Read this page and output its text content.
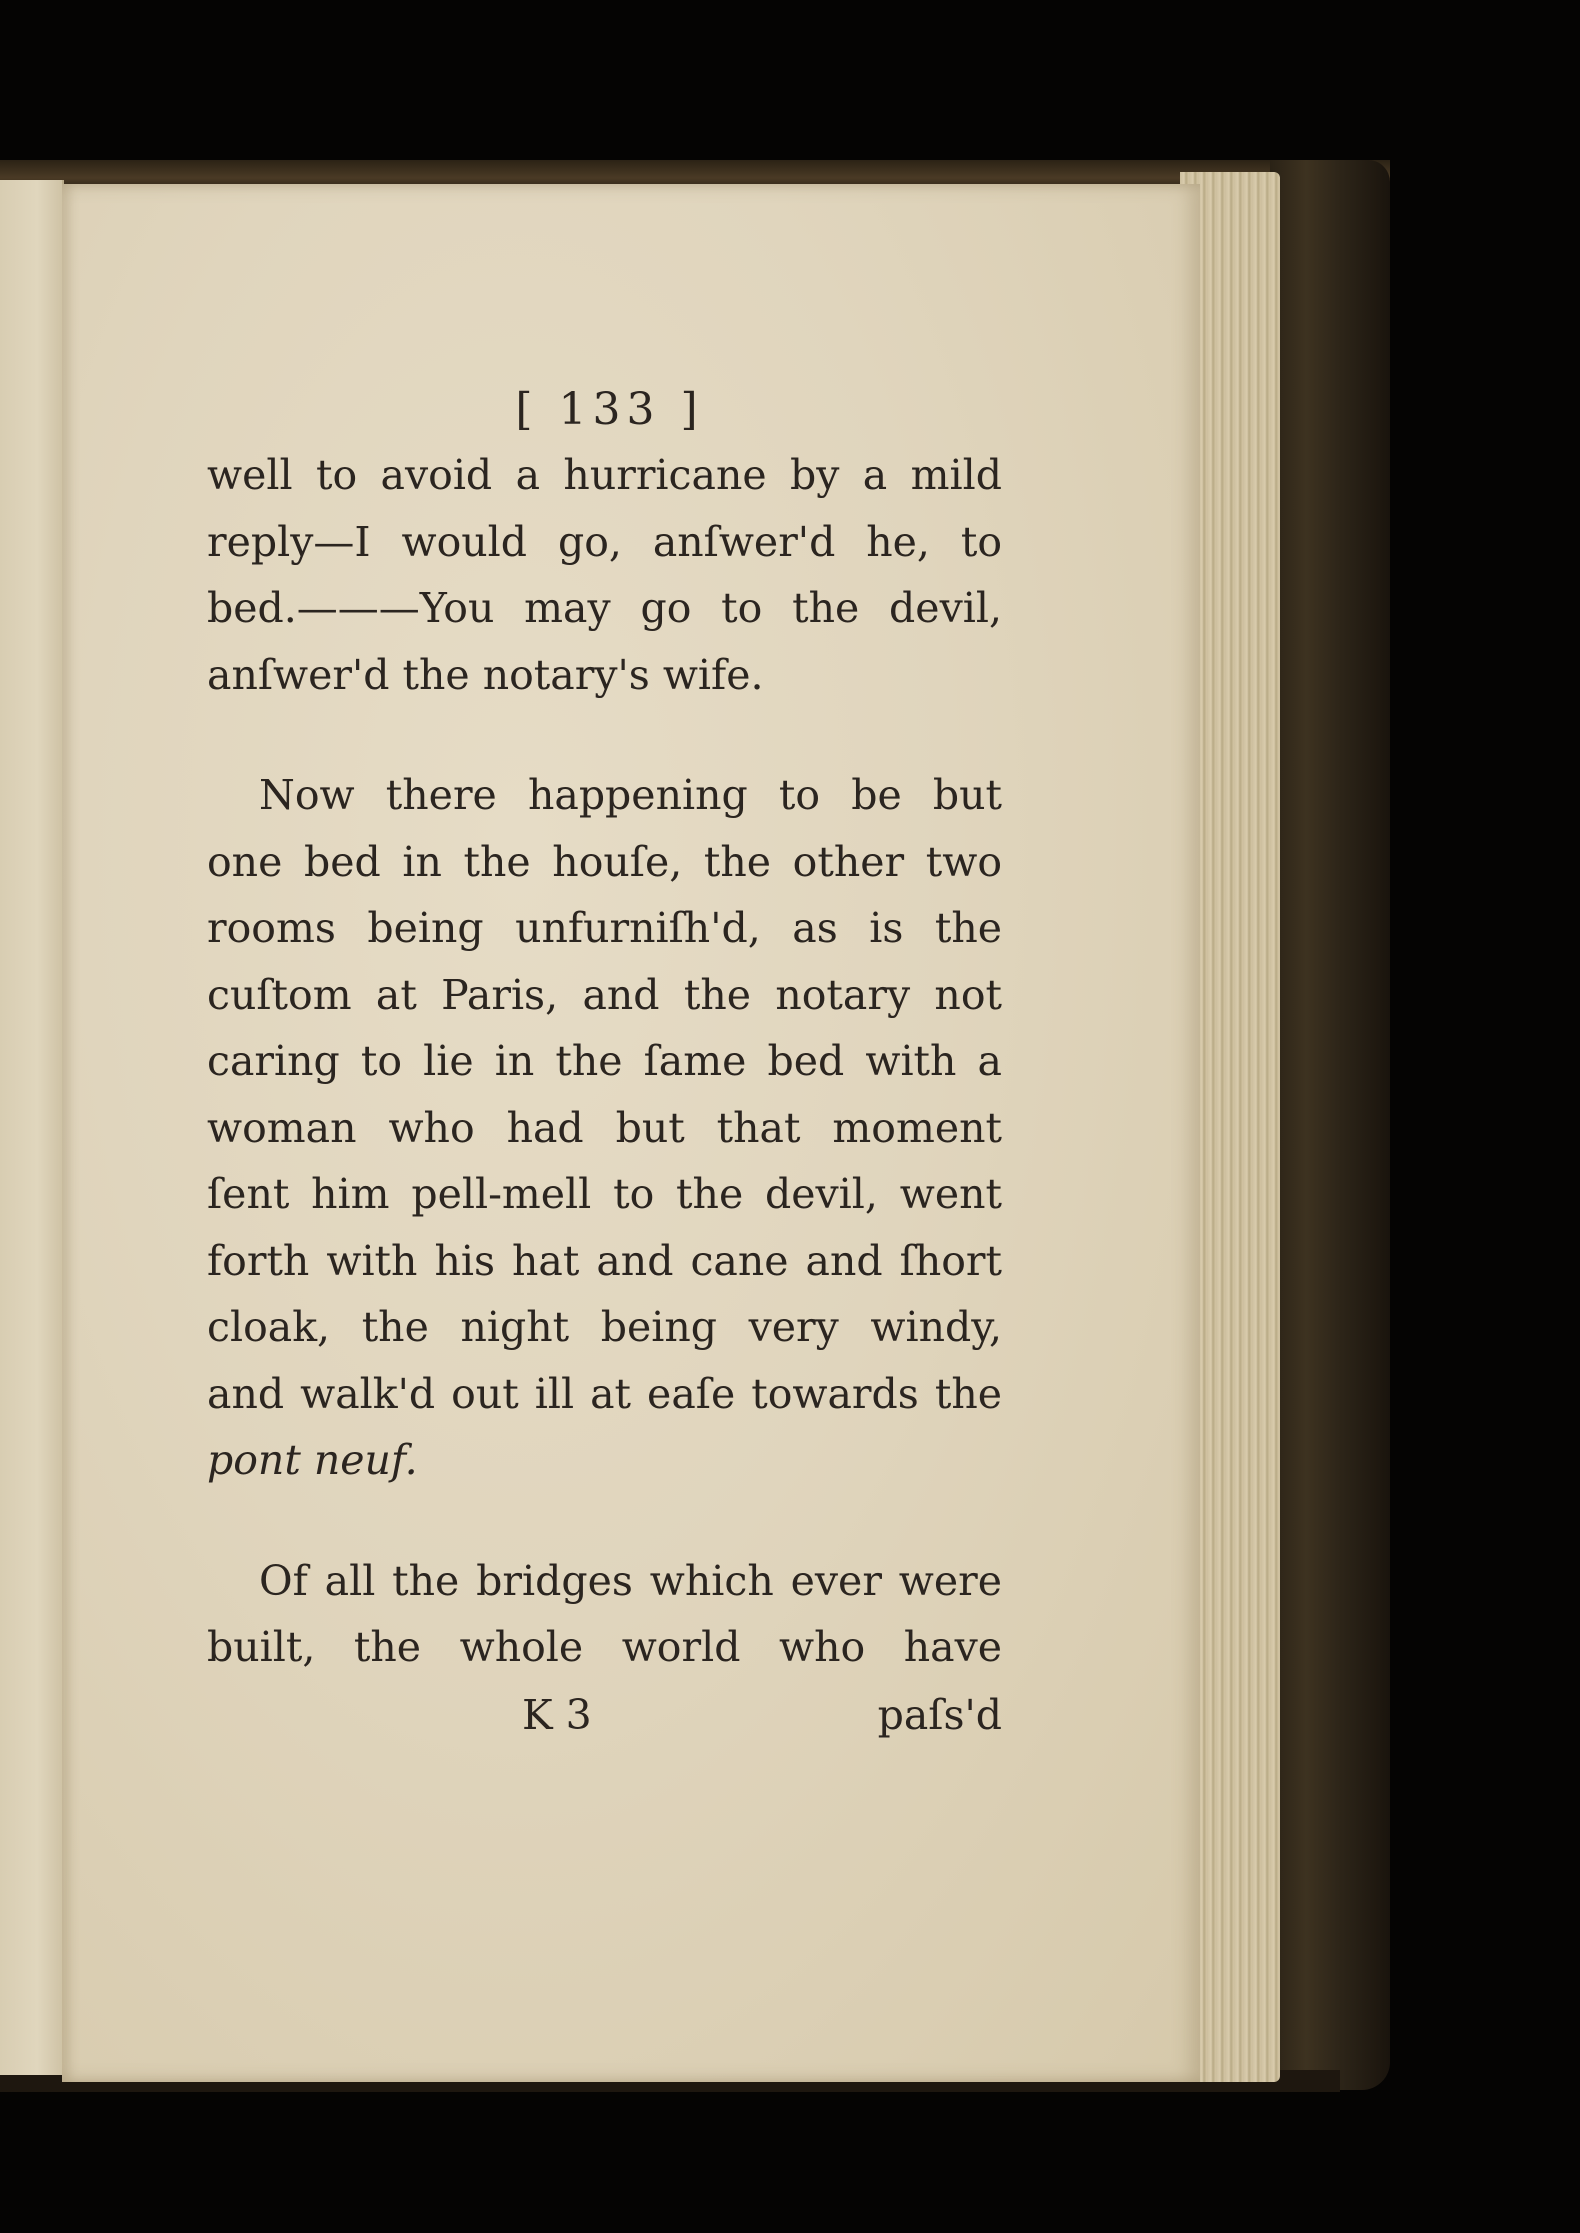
[ 133 ]
well to avoid a hurricane by a mild
reply—I would go, anſwer'd he, to
bed.———You may go to the devil,
anſwer'd the notary's wife.
Now there happening to be but
one bed in the houſe, the other two
rooms being unfurniſh'd, as is the
cuſtom at Paris, and the notary not
caring to lie in the ſame bed with a
woman who had but that moment
ſent him pell-mell to the devil, went
forth with his hat and cane and ſhort
cloak, the night being very windy,
and walk'd out ill at eaſe towards the
pont neuf.
Of all the bridges which ever were
built, the whole world who have
K 3	paſs'd
